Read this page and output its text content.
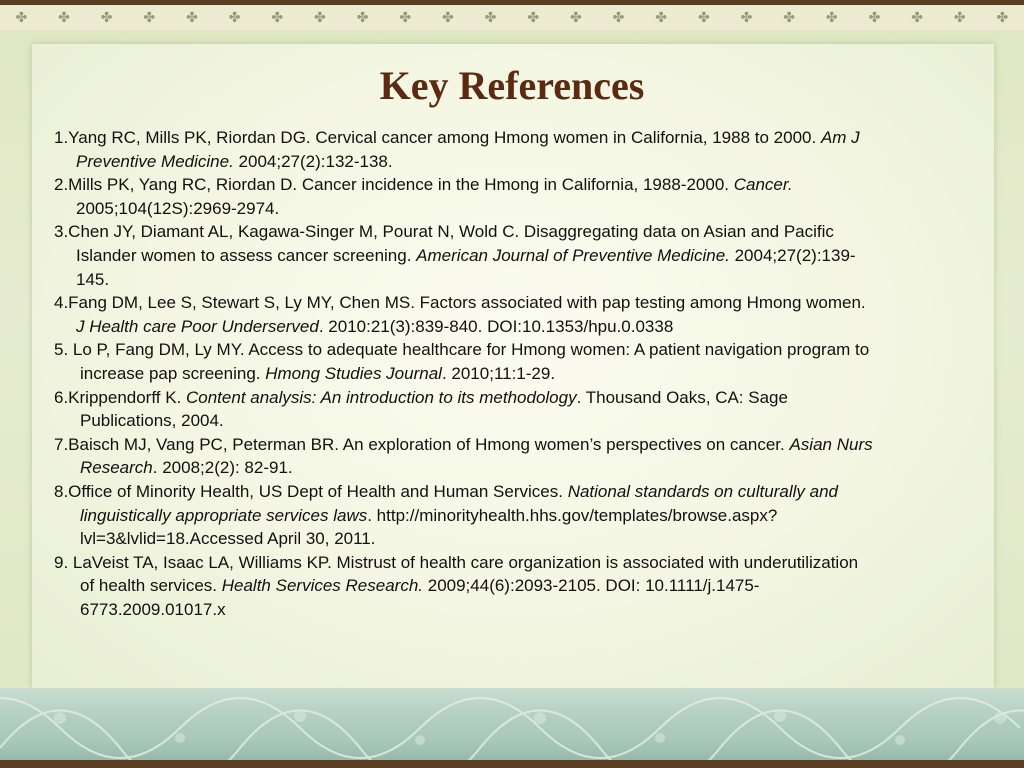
✤ ✤ ✤ ✤ ✤ ✤ ✤ ✤ ✤ ✤ ✤ ✤ ✤ ✤ ✤ ✤ ✤ ✤ ✤ ✤ ✤ ✤ ✤ ✤
Key References
1.Yang RC, Mills PK, Riordan DG. Cervical cancer among Hmong women in California, 1988 to 2000. Am J Preventive Medicine. 2004;27(2):132-138.
2.Mills PK, Yang RC, Riordan D. Cancer incidence in the Hmong in California, 1988-2000. Cancer. 2005;104(12S):2969-2974.
3.Chen JY, Diamant AL, Kagawa-Singer M, Pourat N, Wold C. Disaggregating data on Asian and Pacific Islander women to assess cancer screening. American Journal of Preventive Medicine. 2004;27(2):139-145.
4.Fang DM, Lee S, Stewart S, Ly MY, Chen MS. Factors associated with pap testing among Hmong women. J Health care Poor Underserved. 2010:21(3):839-840. DOI:10.1353/hpu.0.0338
5. Lo P, Fang DM, Ly MY. Access to adequate healthcare for Hmong women: A patient navigation program to increase pap screening. Hmong Studies Journal. 2010;11:1-29.
6.Krippendorff K. Content analysis: An introduction to its methodology. Thousand Oaks, CA: Sage Publications, 2004.
7.Baisch MJ, Vang PC, Peterman BR. An exploration of Hmong women’s perspectives on cancer. Asian Nurs Research. 2008;2(2): 82-91.
8.Office of Minority Health, US Dept of Health and Human Services. National standards on culturally and linguistically appropriate services laws. http://minorityhealth.hhs.gov/templates/browse.aspx?lvl=3&lvlid=18.Accessed April 30, 2011.
9. LaVeist TA, Isaac LA, Williams KP. Mistrust of health care organization is associated with underutilization of health services. Health Services Research. 2009;44(6):2093-2105. DOI: 10.1111/j.1475-6773.2009.01017.x
